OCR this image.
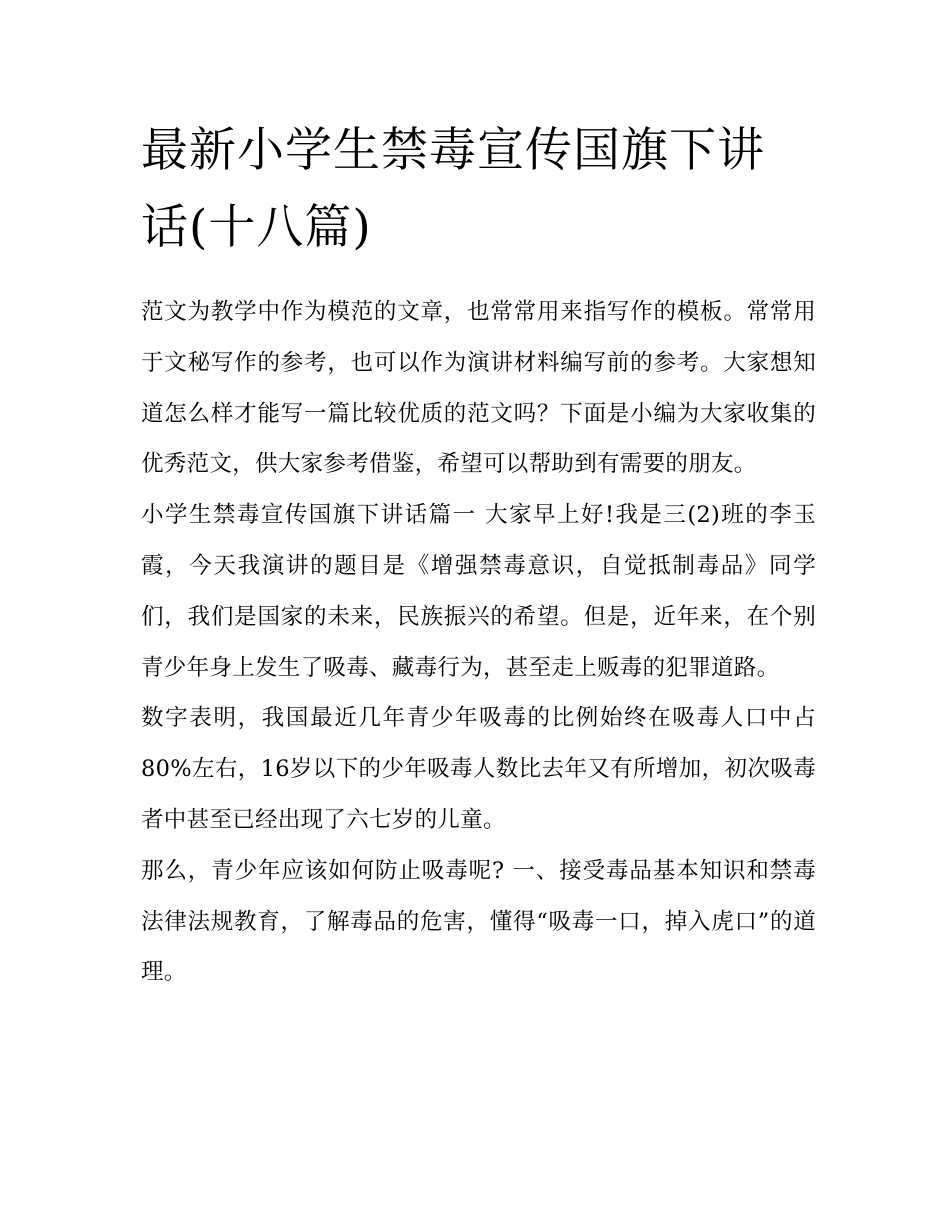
最新小学生禁毒宣传国旗下讲话(十八篇)

范文为教学中作为模范的文章，也常常用来指写作的模板。常常用于文秘写作的参考，也可以作为演讲材料编写前的参考。大家想知道怎么样才能写一篇比较优质的范文吗？下面是小编为大家收集的优秀范文，供大家参考借鉴，希望可以帮助到有需要的朋友。

小学生禁毒宣传国旗下讲话篇一 大家早上好!我是三(2)班的李玉霞，今天我演讲的题目是《增强禁毒意识，自觉抵制毒品》同学们，我们是国家的未来，民族振兴的希望。但是，近年来，在个别青少年身上发生了吸毒、藏毒行为，甚至走上贩毒的犯罪道路。

数字表明，我国最近几年青少年吸毒的比例始终在吸毒人口中占80%左右，16岁以下的少年吸毒人数比去年又有所增加，初次吸毒者中甚至已经出现了六七岁的儿童。

那么，青少年应该如何防止吸毒呢? 一、接受毒品基本知识和禁毒法律法规教育，了解毒品的危害，懂得“吸毒一口，掉入虎口”的道理。
